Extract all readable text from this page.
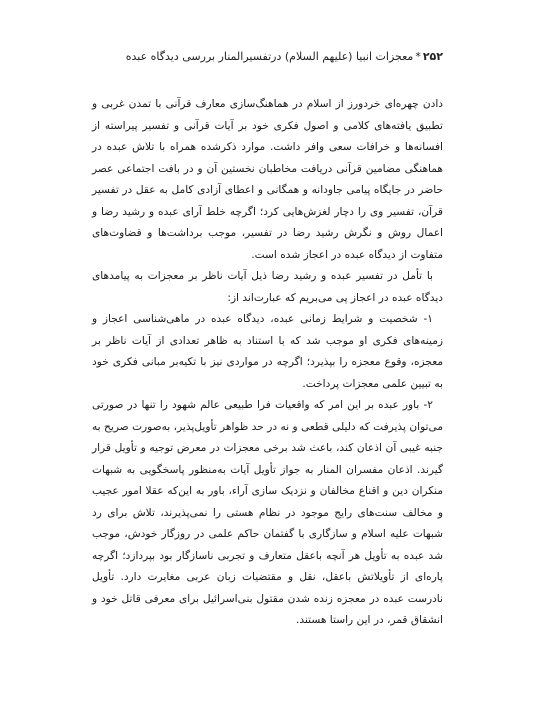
۲۵۲*معجزات انبیا (علیهم السلام) درتفسیرالمنار بررسی دیدگاه عبده

دادن چهره‌ای خردورز از اسلام در هماهنگ‌سازی معارف قرآنی با تمدن غربی و تطبیق یافته‌های کلامی و اصول فکری خود بر آیات قرآنی و تفسیر پیراسته از افسانه‌ها و خرافات سعی وافر داشت. موارد ذکرشده همراه با تلاش عبده در هماهنگی مضامین قرآنی دریافت مخاطبان نخستین آن و در بافت اجتماعی عصر حاضر در جایگاه پیامی جاودانه و همگانی و اعطای آزادی کامل به عقل در تفسیر قرآن، تفسیر وی را دچار لغزش‌هایی کرد؛ اگرچه خلط آرای عبده و رشید رضا و اعمال روش و نگرش رشید رضا در تفسیر، موجب برداشت‌ها و قضاوت‌های متفاوت از دیدگاه عبده در اعجاز شده است.

با تأمل در تفسیر عبده و رشید رضا ذیل آیات ناظر بر معجزات به پیامدهای دیدگاه عبده در اعجاز پی می‌بریم که عبارت‌اند از:

۱- شخصیت و شرایط زمانی عبده، دیدگاه عبده در ماهی‌شناسی اعجاز و زمینه‌های فکری او موجب شد که با استناد به ظاهر تعدادی از آیات ناظر بر معجزه، وقوع معجزه را بپذیرد؛ اگرچه در مواردی نیز با تکیه‌بر مبانی فکری خود به تبیین علمی معجزات پرداخت.

۲- باور عبده بر این امر که واقعیات فرا طبیعی عالم شهود را تنها در صورتی می‌توان پذیرفت که دلیلی قطعی و نه در حد ظواهر تأویل‌پذیر، به‌صورت صریح به جنبه غیبی آن اذعان کند، باعث شد برخی معجزات در معرض توجیه و تأویل قرار گیرند. اذعان مفسران المنار به جواز تأویل آیات به‌منظور پاسخگویی به شبهات منکران دین و اقناع مخالفان و نزدیک سازی آراء، باور به این‌که عقلا امور عجیب و مخالف سنت‌های رایج موجود در نظام هستی را نمی‌پذیرند، تلاش برای رد شبهات علیه اسلام و سازگاری با گفتمان حاکم علمی در روزگار خودش، موجب شد عبده به تأویل هر آنچه باعقل متعارف و تجربی ناسازگار بود بپردازد؛ اگرچه پاره‌ای از تأویلاتش باعقل، نقل و مقتضیات زبان عربی مغایرت دارد. تأویل نادرست عبده در معجزه زنده شدن مقتول بنی‌اسرائیل برای معرفی قاتل خود و انشقاق قمر، در این راستا هستند.
